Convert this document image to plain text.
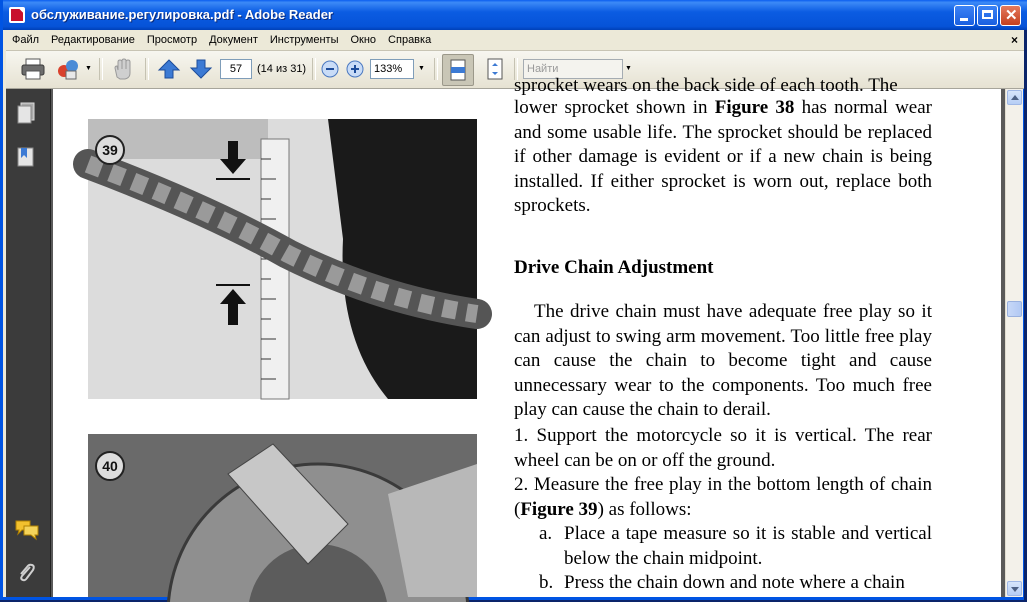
обслуживание.регулировка.pdf - Adobe Reader
✕
Файл	Редактирование	Просмотр	Документ	Инструменты	Окно	Справка	×
▼	57	(14 из 31)	133%	▼	Найти	▼
39
40

sprocket wears on the back side of each tooth. The

lower sprocket shown in Figure 38 has normal wear and some usable life. The sprocket should be replaced if other damage is evident or if a new chain is being installed. If either sprocket is worn out, replace both sprockets.

Drive Chain Adjustment

The drive chain must have adequate free play so it can adjust to swing arm movement. Too little free play can cause the chain to become tight and cause unnecessary wear to the components. Too much free play can cause the chain to derail.

1. Support the motorcycle so it is vertical. The rear wheel can be on or off the ground.

2. Measure the free play in the bottom length of chain (Figure 39) as follows:

a. Place a tape measure so it is stable and vertical below the chain midpoint.

b. Press the chain down and note where a chain
